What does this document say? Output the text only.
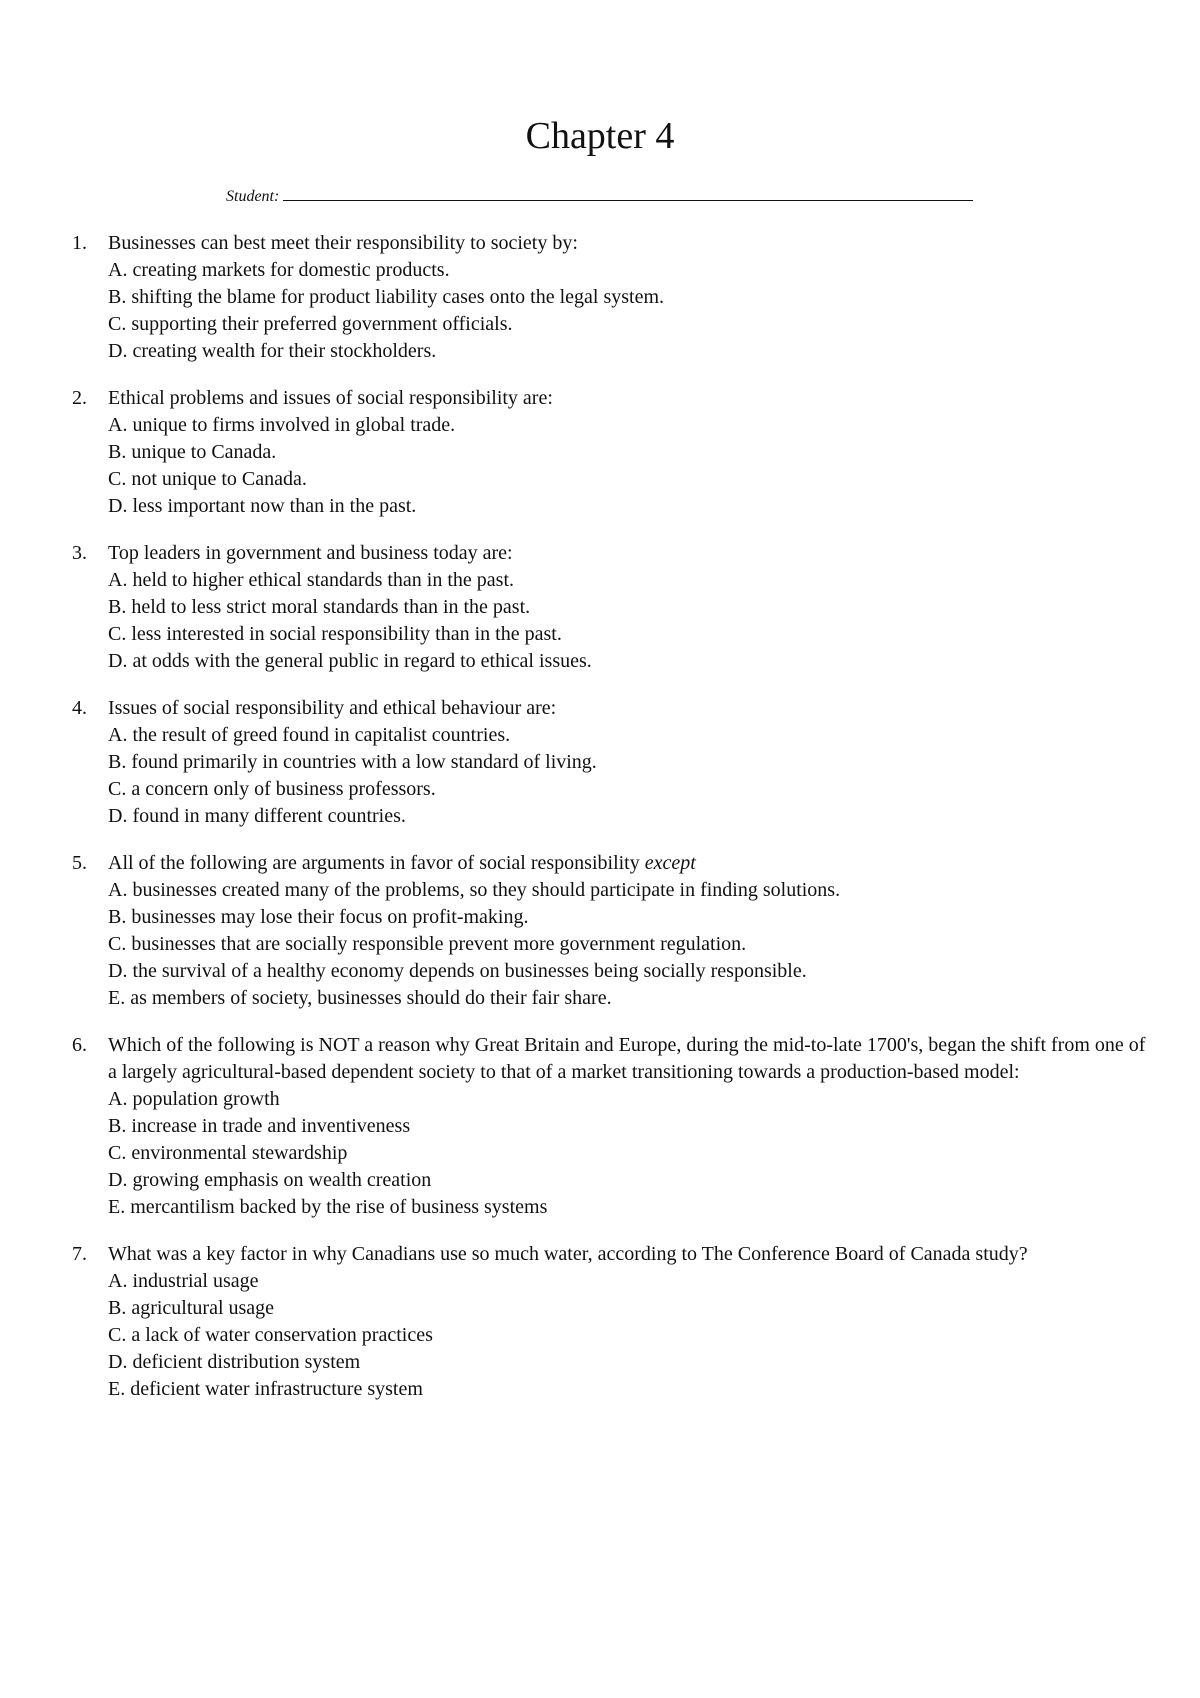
Chapter 4
Student:
1. Businesses can best meet their responsibility to society by:
A. creating markets for domestic products.
B. shifting the blame for product liability cases onto the legal system.
C. supporting their preferred government officials.
D. creating wealth for their stockholders.
2. Ethical problems and issues of social responsibility are:
A. unique to firms involved in global trade.
B. unique to Canada.
C. not unique to Canada.
D. less important now than in the past.
3. Top leaders in government and business today are:
A. held to higher ethical standards than in the past.
B. held to less strict moral standards than in the past.
C. less interested in social responsibility than in the past.
D. at odds with the general public in regard to ethical issues.
4. Issues of social responsibility and ethical behaviour are:
A. the result of greed found in capitalist countries.
B. found primarily in countries with a low standard of living.
C. a concern only of business professors.
D. found in many different countries.
5. All of the following are arguments in favor of social responsibility except
A. businesses created many of the problems, so they should participate in finding solutions.
B. businesses may lose their focus on profit-making.
C. businesses that are socially responsible prevent more government regulation.
D. the survival of a healthy economy depends on businesses being socially responsible.
E. as members of society, businesses should do their fair share.
6. Which of the following is NOT a reason why Great Britain and Europe, during the mid-to-late 1700's, began the shift from one of a largely agricultural-based dependent society to that of a market transitioning towards a production-based model:
A. population growth
B. increase in trade and inventiveness
C. environmental stewardship
D. growing emphasis on wealth creation
E. mercantilism backed by the rise of business systems
7. What was a key factor in why Canadians use so much water, according to The Conference Board of Canada study?
A. industrial usage
B. agricultural usage
C. a lack of water conservation practices
D. deficient distribution system
E. deficient water infrastructure system
